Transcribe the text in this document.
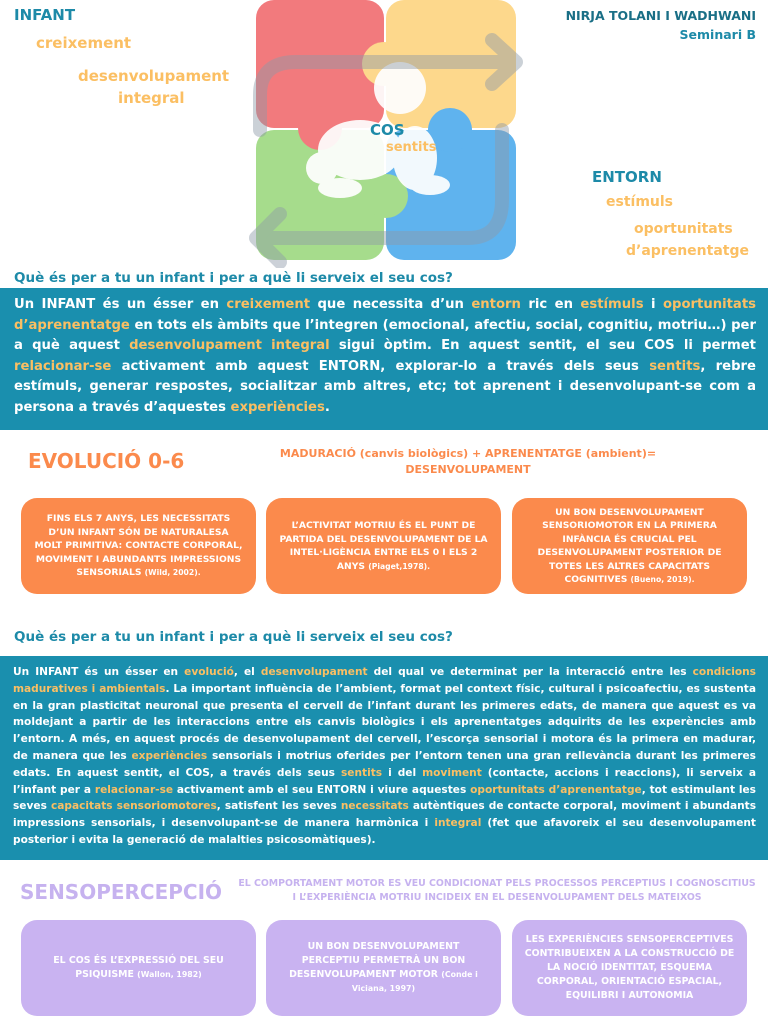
INFANT
creixement
desenvolupament
integral
NIRJA TOLANI I WADHWANI
Seminari B
COS
sentits
ENTORN
estímuls
oportunitats
d’aprenentatge
Què és per a tu un infant i per a què li serveix el seu cos?
Un INFANT és un ésser en creixement que necessita d’un entorn ric en estímuls i oportunitats d’aprenentatge en tots els àmbits que l’integren (emocional, afectiu, social, cognitiu, motriu…) per a què aquest desenvolupament integral sigui òptim. En aquest sentit, el seu COS li permet relacionar-se activament amb aquest ENTORN, explorar-lo a través dels seus sentits, rebre estímuls, generar respostes, socialitzar amb altres, etc; tot aprenent i desenvolupant-se com a persona a través d’aquestes experiències.
EVOLUCIÓ 0-6	MADURACIÓ (canvis biològics) + APRENENTATGE (ambient)=
DESENVOLUPAMENT
FINS ELS 7 ANYS, LES NECESSITATS D’UN INFANT SÓN DE NATURALESA MOLT PRIMITIVA: CONTACTE CORPORAL, MOVIMENT I ABUNDANTS IMPRESSIONS SENSORIALS (Wild, 2002).
L’ACTIVITAT MOTRIU ÉS EL PUNT DE PARTIDA DEL DESENVOLUPAMENT DE LA INTEL·LIGÈNCIA ENTRE ELS 0 I ELS 2 ANYS (Piaget,1978).
UN BON DESENVOLUPAMENT SENSORIOMOTOR EN LA PRIMERA INFÀNCIA ÉS CRUCIAL PEL DESENVOLUPAMENT POSTERIOR DE TOTES LES ALTRES CAPACITATS COGNITIVES (Bueno, 2019).
Què és per a tu un infant i per a què li serveix el seu cos?
Un INFANT és un ésser en evolució, el desenvolupament del qual ve determinat per la interacció entre les condicions maduratives i ambientals. La important influència de l’ambient, format pel context físic, cultural i psicoafectiu, es sustenta en la gran plasticitat neuronal que presenta el cervell de l’infant durant les primeres edats, de manera que aquest es va moldejant a partir de les interaccions entre els canvis biològics i els aprenentatges adquirits de les experències amb l’entorn. A més, en aquest procés de desenvolupament del cervell, l’escorça sensorial i motora és la primera en madurar, de manera que les experiències sensorials i motrius oferides per l’entorn tenen una gran rellevància durant les primeres edats. En aquest sentit, el COS, a través dels seus sentits i del moviment (contacte, accions i reaccions), li serveix a l’infant per a relacionar-se activament amb el seu ENTORN i viure aquestes oportunitats d’aprenentatge, tot estimulant les seves capacitats sensoriomotores, satisfent les seves necessitats autèntiques de contacte corporal, moviment i abundants impressions sensorials, i desenvolupant-se de manera harmònica i integral (fet que afavoreix el seu desenvolupament posterior i evita la generació de malalties psicosomàtiques).
SENSOPERCEPCIÓ	EL COMPORTAMENT MOTOR ES VEU CONDICIONAT PELS PROCESSOS PERCEPTIUS I COGNOSCITIUS
I L’EXPERIÈNCIA MOTRIU INCIDEIX EN EL DESENVOLUPAMENT DELS MATEIXOS
EL COS ÉS L’EXPRESSIÓ DEL SEU PSIQUISME (Wallon, 1982)
UN BON DESENVOLUPAMENT PERCEPTIU PERMETRÀ UN BON DESENVOLUPAMENT MOTOR (Conde i Viciana, 1997)
LES EXPERIÈNCIES SENSOPERCEPTIVES CONTRIBUEIXEN A LA CONSTRUCCIÓ DE LA NOCIÓ IDENTITAT, ESQUEMA CORPORAL, ORIENTACIÓ ESPACIAL, EQUILIBRI I AUTONOMIA
